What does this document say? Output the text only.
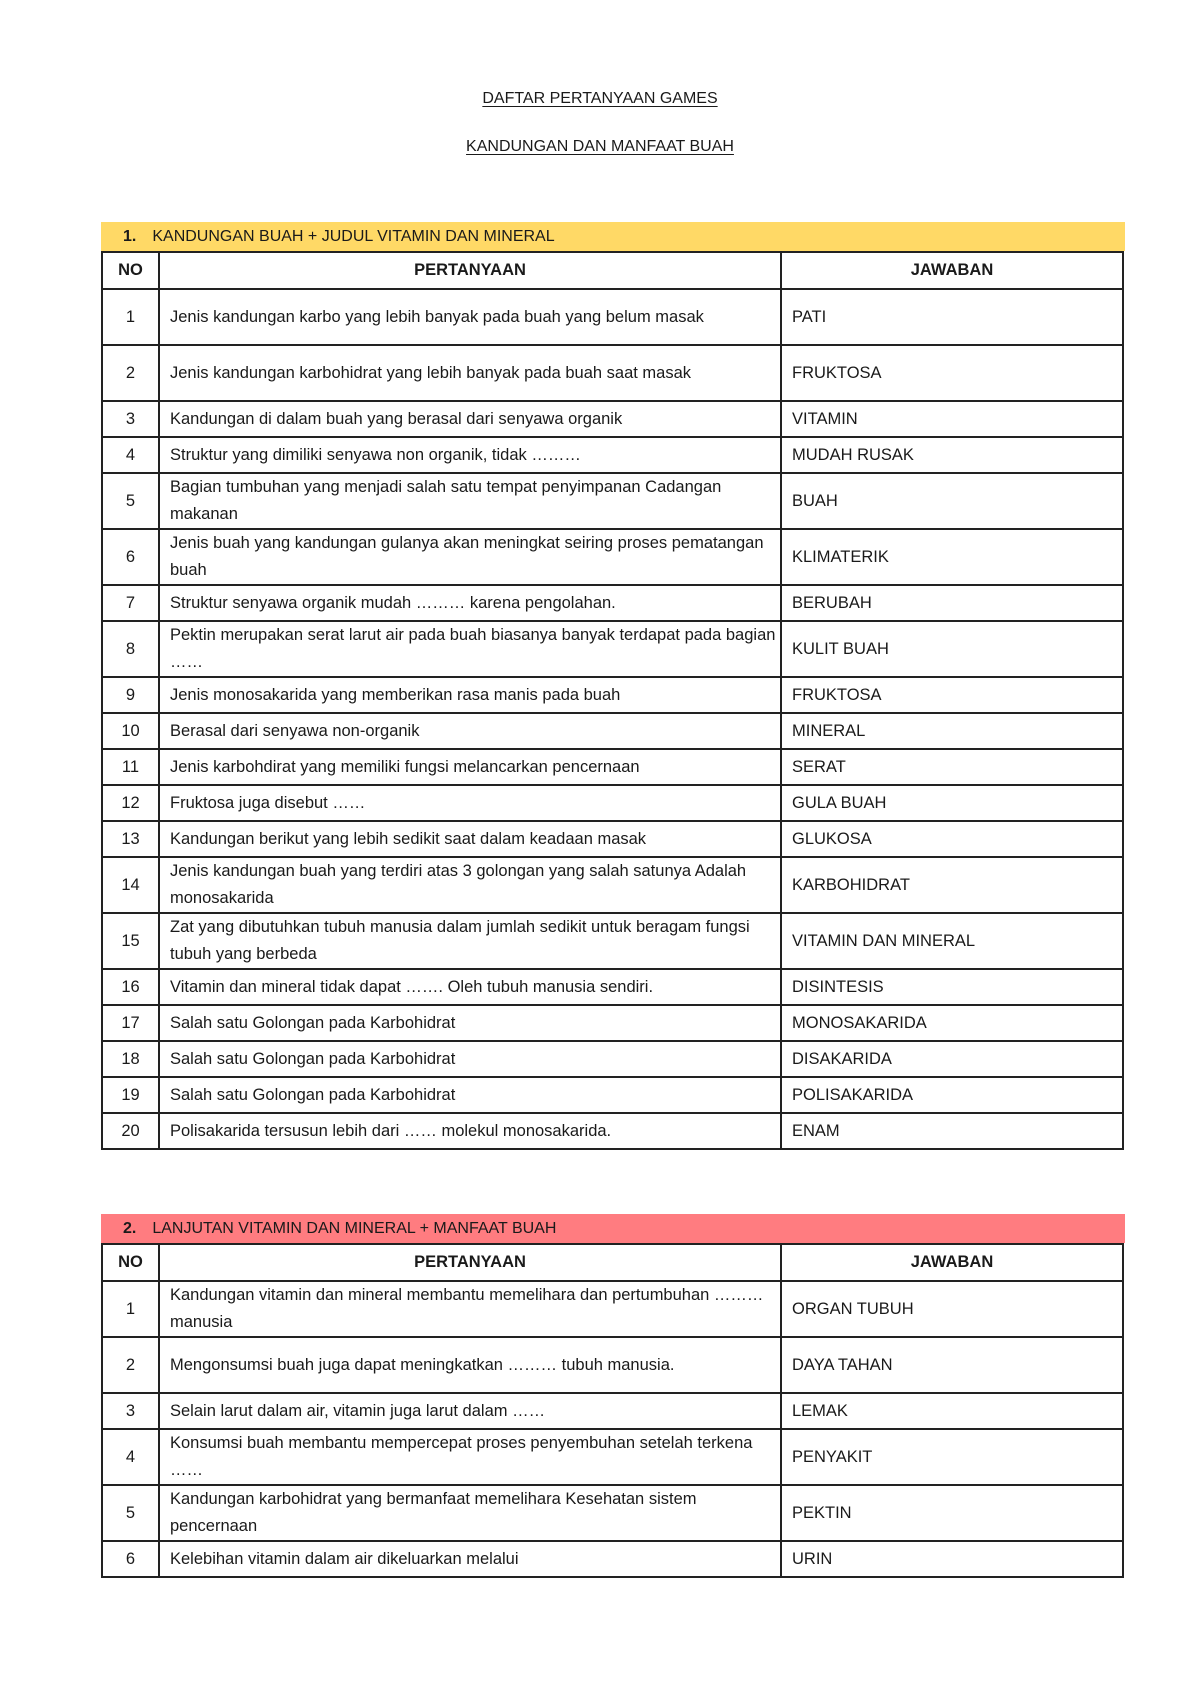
DAFTAR PERTANYAAN GAMES
KANDUNGAN DAN MANFAAT BUAH
1. KANDUNGAN BUAH + JUDUL VITAMIN DAN MINERAL
NO	PERTANYAAN	JAWABAN
1	Jenis kandungan karbo yang lebih banyak pada buah yang belum masak	PATI
2	Jenis kandungan karbohidrat yang lebih banyak pada buah saat masak	FRUKTOSA
3	Kandungan di dalam buah yang berasal dari senyawa organik	VITAMIN
4	Struktur yang dimiliki senyawa non organik, tidak ………	MUDAH RUSAK
5	Bagian tumbuhan yang menjadi salah satu tempat penyimpanan Cadangan makanan	BUAH
6	Jenis buah yang kandungan gulanya akan meningkat seiring proses pematangan buah	KLIMATERIK
7	Struktur senyawa organik mudah ……… karena pengolahan.	BERUBAH
8	Pektin merupakan serat larut air pada buah biasanya banyak terdapat pada bagian ……	KULIT BUAH
9	Jenis monosakarida yang memberikan rasa manis pada buah	FRUKTOSA
10	Berasal dari senyawa non-organik	MINERAL
11	Jenis karbohdirat yang memiliki fungsi melancarkan pencernaan	SERAT
12	Fruktosa juga disebut ……	GULA BUAH
13	Kandungan berikut yang lebih sedikit saat dalam keadaan masak	GLUKOSA
14	Jenis kandungan buah yang terdiri atas 3 golongan yang salah satunya Adalah monosakarida	KARBOHIDRAT
15	Zat yang dibutuhkan tubuh manusia dalam jumlah sedikit untuk beragam fungsi tubuh yang berbeda	VITAMIN DAN MINERAL
16	Vitamin dan mineral tidak dapat ……. Oleh tubuh manusia sendiri.	DISINTESIS
17	Salah satu Golongan pada Karbohidrat	MONOSAKARIDA
18	Salah satu Golongan pada Karbohidrat	DISAKARIDA
19	Salah satu Golongan pada Karbohidrat	POLISAKARIDA
20	Polisakarida tersusun lebih dari …… molekul monosakarida.	ENAM
2. LANJUTAN VITAMIN DAN MINERAL + MANFAAT BUAH
NO	PERTANYAAN	JAWABAN
1	Kandungan vitamin dan mineral membantu memelihara dan pertumbuhan ……… manusia	ORGAN TUBUH
2	Mengonsumsi buah juga dapat meningkatkan ……… tubuh manusia.	DAYA TAHAN
3	Selain larut dalam air, vitamin juga larut dalam ……	LEMAK
4	Konsumsi buah membantu mempercepat proses penyembuhan setelah terkena ……	PENYAKIT
5	Kandungan karbohidrat yang bermanfaat memelihara Kesehatan sistem pencernaan	PEKTIN
6	Kelebihan vitamin dalam air dikeluarkan melalui	URIN
